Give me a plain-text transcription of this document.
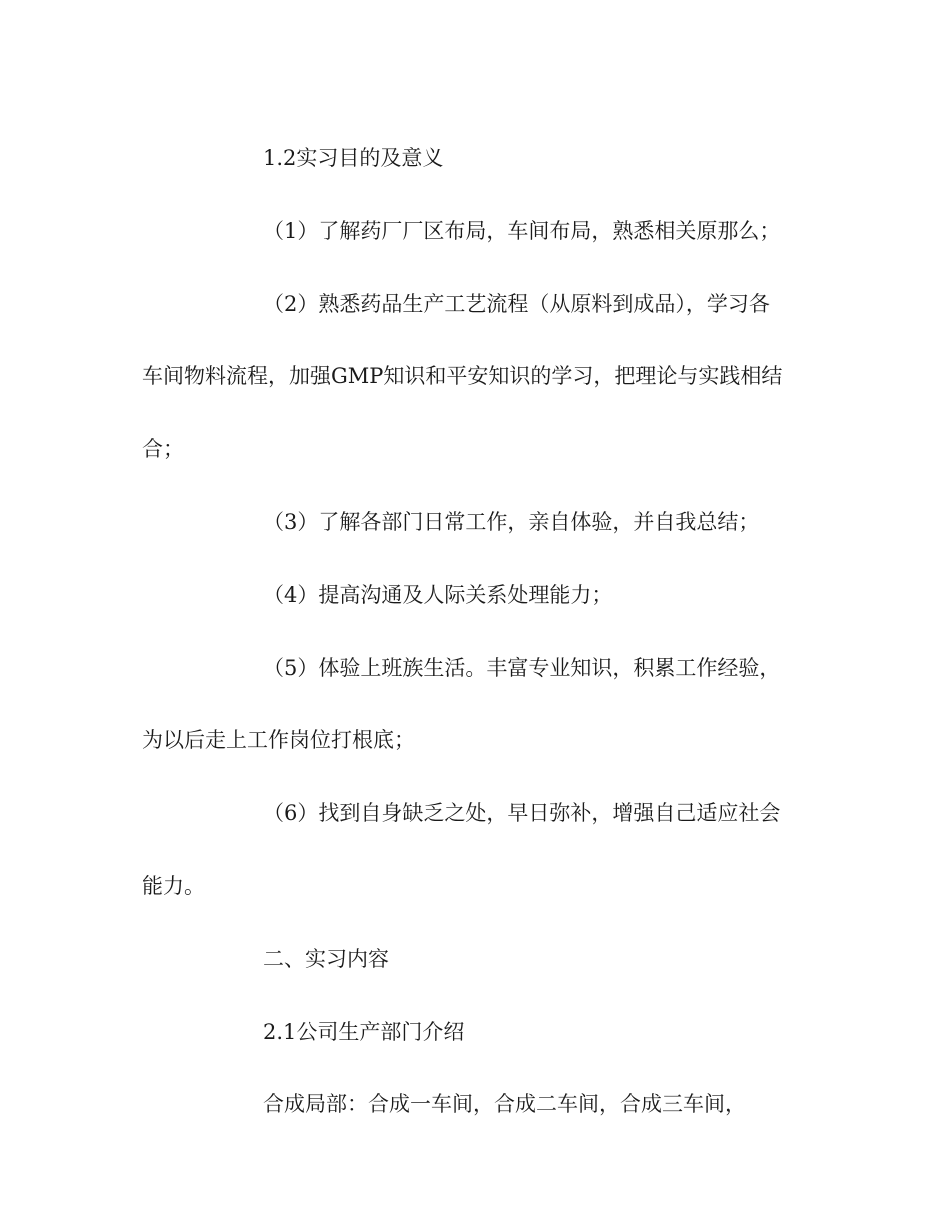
1.2实习目的及意义
（1）了解药厂厂区布局，车间布局，熟悉相关原那么；
（2）熟悉药品生产工艺流程（从原料到成品），学习各
车间物料流程，加强GMP知识和平安知识的学习，把理论与实践相结
合；
（3）了解各部门日常工作，亲自体验，并自我总结；
（4）提高沟通及人际关系处理能力；
（5）体验上班族生活。丰富专业知识，积累工作经验，
为以后走上工作岗位打根底；
（6）找到自身缺乏之处，早日弥补，增强自己适应社会
能力。
二、实习内容
2.1公司生产部门介绍
合成局部：合成一车间，合成二车间，合成三车间，
